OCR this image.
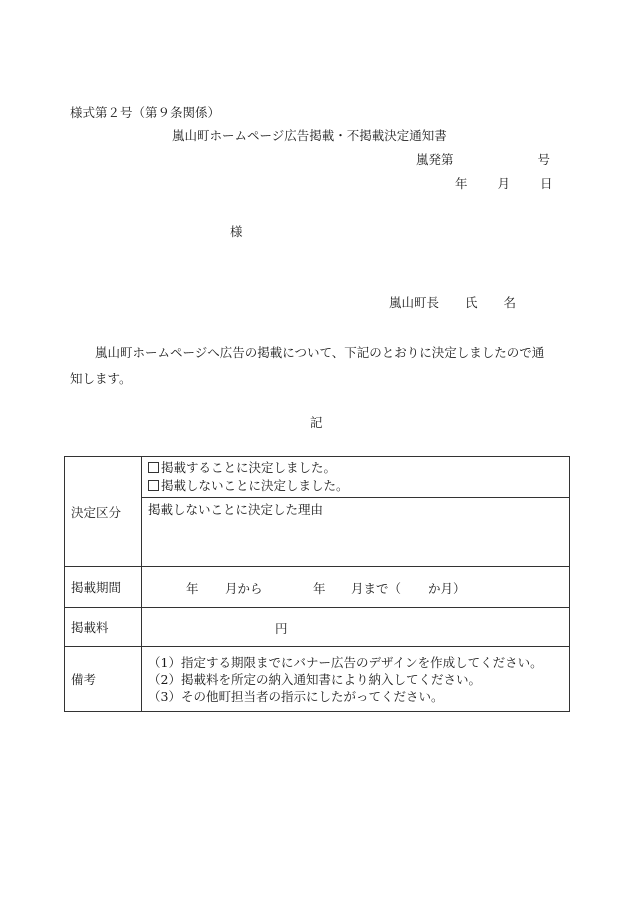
様式第２号（第９条関係）
嵐山町ホームページ広告掲載・不掲載決定通知書
嵐発第	号
年 月 日
様
嵐山町長 氏 名
嵐山町ホームページへ広告の掲載について、下記のとおりに決定しましたので通知します。
記
決定区分	掲載することに決定しました。
掲載しないことに決定しました。
掲載しないことに決定した理由

掲載期間	年 月から 年 月まで（ か月）

掲載料	円

備考	（1）指定する期限までにバナー広告のデザインを作成してください。
（2）掲載料を所定の納入通知書により納入してください。
（3）その他町担当者の指示にしたがってください。
